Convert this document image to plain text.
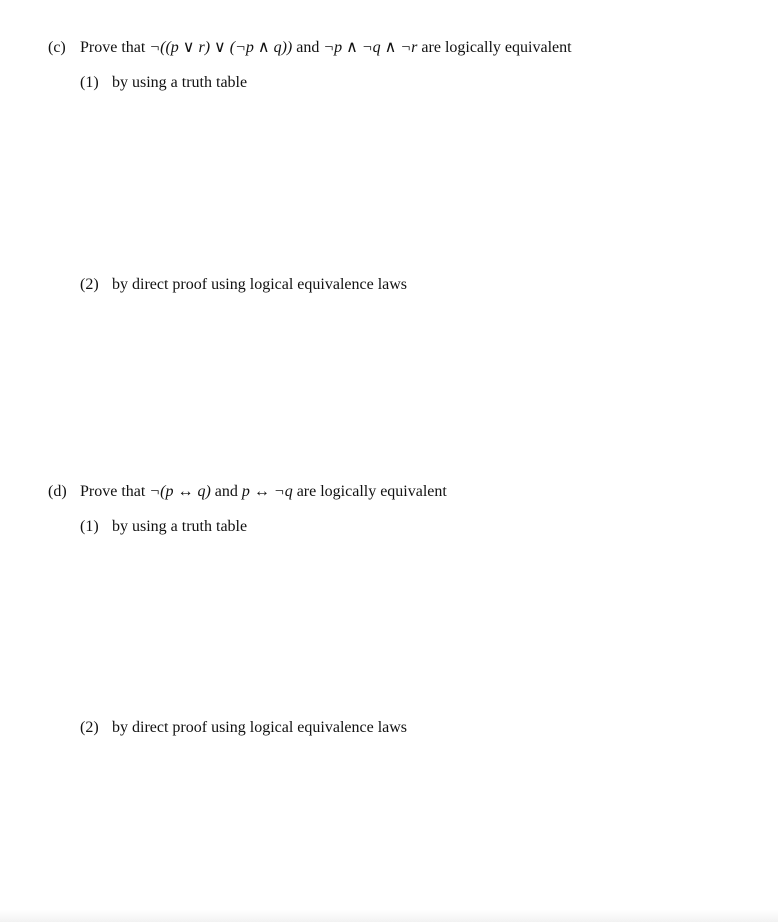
(c) Prove that ¬((p ∨ r) ∨ (¬p ∧ q)) and ¬p ∧ ¬q ∧ ¬r are logically equivalent
(1) by using a truth table
(2) by direct proof using logical equivalence laws
(d) Prove that ¬(p ↔ q) and p ↔ ¬q are logically equivalent
(1) by using a truth table
(2) by direct proof using logical equivalence laws
